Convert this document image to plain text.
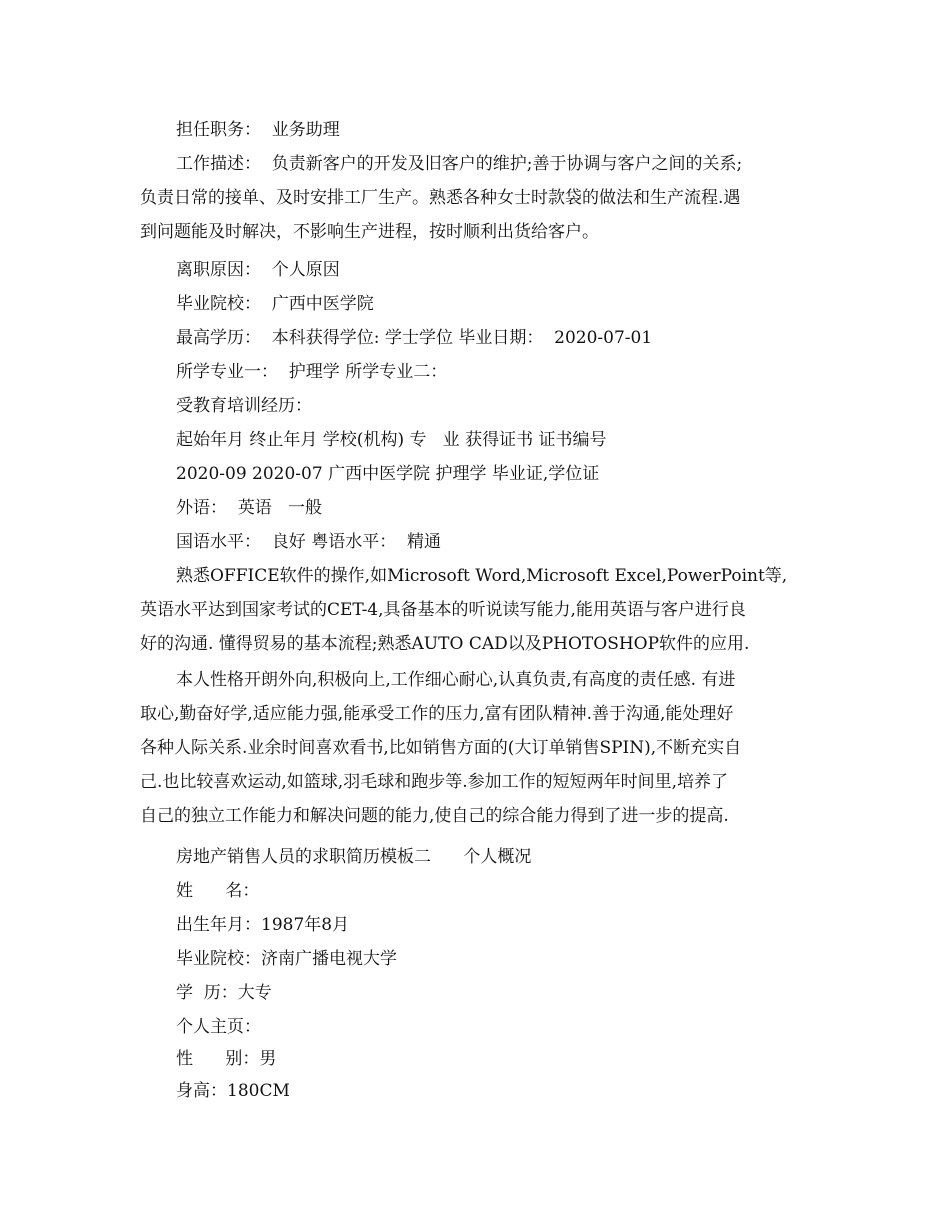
担任职务：  业务助理
工作描述：  负责新客户的开发及旧客户的维护;善于协调与客户之间的关系;
负责日常的接单、及时安排工厂生产。熟悉各种女士时款袋的做法和生产流程.遇
到问题能及时解决，不影响生产进程，按时顺利出货给客户。
离职原因：  个人原因
毕业院校：  广西中医学院
最高学历：  本科获得学位: 学士学位 毕业日期：  2020-07-01
所学专业一：  护理学 所学专业二：
受教育培训经历：
起始年月 终止年月 学校(机构) 专   业 获得证书 证书编号
2020-09 2020-07 广西中医学院 护理学 毕业证,学位证
外语：  英语   一般
国语水平：  良好 粤语水平：  精通
熟悉OFFICE软件的操作,如Microsoft Word,Microsoft Excel,PowerPoint等,
英语水平达到国家考试的CET-4,具备基本的听说读写能力,能用英语与客户进行良
好的沟通. 懂得贸易的基本流程;熟悉AUTO CAD以及PHOTOSHOP软件的应用.
本人性格开朗外向,积极向上,工作细心耐心,认真负责,有高度的责任感. 有进
取心,勤奋好学,适应能力强,能承受工作的压力,富有团队精神.善于沟通,能处理好
各种人际关系.业余时间喜欢看书,比如销售方面的(大订单销售SPIN),不断充实自
己.也比较喜欢运动,如篮球,羽毛球和跑步等.参加工作的短短两年时间里,培养了
自己的独立工作能力和解决问题的能力,使自己的综合能力得到了进一步的提高.
房地产销售人员的求职简历模板二      个人概况
姓      名：
出生年月：1987年8月
毕业院校：济南广播电视大学
学  历：大专
个人主页：
性      别：男
身高：180CM
